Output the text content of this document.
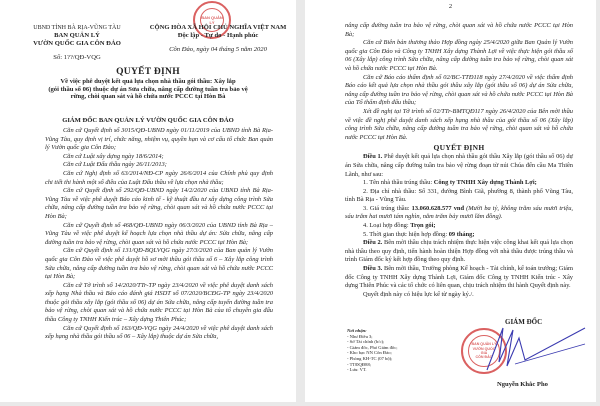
UBND TỈNH BÀ RỊA-VŨNG TÀU
BAN QUẢN LÝ
VƯỜN QUỐC GIA CÔN ĐẢO
Số: 1??/QĐ-VQG
BAN QUẢN LÝ
CỘNG HÒA XÃ HỘI CHỦ NGHĨA VIỆT NAM
Độc lập - Tự do - Hạnh phúc
Côn Đảo, ngày 04 tháng 5 năm 2020
QUYẾT ĐỊNH
Về việc phê duyệt kết quả lựa chọn nhà thầu gói thầu: Xây lắp
(gói thầu số 06) thuộc dự án Sửa chữa, nâng cấp đường tuần tra bảo vệ
rừng, chòi quan sát và hồ chứa nước PCCC tại Hòn Bà
GIÁM ĐỐC BAN QUẢN LÝ VƯỜN QUỐC GIA CÔN ĐẢO
Căn cứ Quyết định số 3015/QĐ-UBND ngày 01/11/2019 của UBND tỉnh Bà Rịa- Vũng Tàu, quy định vị trí, chức năng, nhiệm vụ, quyền hạn và cơ cấu tổ chức Ban quản lý Vườn quốc gia Côn Đảo;
Căn cứ Luật xây dựng ngày 18/6/2014;
Căn cứ Luật Đấu thầu ngày 26/11/2013;
Căn cứ Nghị định số 63/2014/NĐ-CP ngày 26/6/2014 của Chính phủ quy định chi tiết thi hành một số điều của Luật Đấu thầu về lựa chọn nhà thầu;
Căn cứ Quyết định số 292/QĐ-UBND ngày 14/2/2020 của UBND tỉnh Bà Rịa-Vũng Tàu về việc phê duyệt Báo cáo kinh tế - kỹ thuật đầu tư xây dựng công trình Sửa chữa, nâng cấp đường tuần tra bảo vệ rừng, chòi quan sát và hồ chứa nước PCCC tại Hòn Bà;
Căn cứ Quyết định số 468/QĐ-UBND ngày 06/3/2020 của UBND tỉnh Bà Rịa – Vũng Tàu về việc phê duyệt kế hoạch lựa chọn nhà thầu dự án: Sửa chữa, nâng cấp đường tuần tra bảo vệ rừng, chòi quan sát và hồ chứa nước PCCC tại Hòn Bà;
Căn cứ Quyết định số 131/QĐ-BQLVQG ngày 27/3/2020 của Ban quản lý Vườn quốc gia Côn Đảo về việc phê duyệt hồ sơ mời thầu gói thầu số 6 – Xây lắp công trình Sửa chữa, nâng cấp đường tuần tra bảo vệ rừng, chòi quan sát và hồ chứa nước PCCC tại Hòn Bà;
Căn cứ Tờ trình số 14/2020/TTr-TP ngày 23/4/2020 về việc phê duyệt danh sách xếp hạng Nhà thầu và Báo cáo đánh giá HSDT số 07/2020/BCĐG-TP ngày 23/4/2020 thuộc gói thầu xây lắp (gói thầu số 06) dự án Sửa chữa, nâng cấp tuyến đường tuần tra bảo vệ rừng, chòi quan sát và hồ chứa nước PCCC tại Hòn Bà của tổ chuyên gia đấu thầu Công ty TNHH Kiến trúc – Xây dựng Thiên Phúc;
Căn cứ Quyết định số 163/QĐ-VQG ngày 24/4/2020 về việc phê duyệt danh sách xếp hạng nhà thầu gói thầu số 06 – Xây lắp) thuộc dự án Sửa chữa,
2
nâng cấp đường tuần tra bảo vệ rừng, chòi quan sát và hồ chứa nước PCCC tại Hòn Bà;
Căn cứ Biên bản thương thảo Hợp đồng ngày 25/4/2020 giữa Ban Quản lý Vườn quốc gia Côn Đảo và Công ty TNHH Xây dựng Thành Lợi về việc thực hiện gói thầu số 06 (Xây lắp) công trình Sửa chữa, nâng cấp đường tuần tra bảo vệ rừng, chòi quan sát và hồ chứa nước PCCC tại Hòn Bà.
Căn cứ Báo cáo thẩm định số 02/BC-TTĐ118 ngày 27/4/2020 về việc thẩm định Báo cáo kết quả lựa chọn nhà thầu gói thầu xây lắp (gói thầu số 06) dự án Sửa chữa, nâng cấp đường tuần tra bảo vệ rừng, chòi quan sát và hồ chứa nước PCCC tại Hòn Bà của Tổ thẩm định đấu thầu;
Xét đề nghị tại Tờ trình số 02/TTr-BMTQĐ117 ngày 26/4/2020 của Bên mời thầu về việc đề nghị phê duyệt danh sách xếp hạng nhà thầu của gói thầu số 06 (Xây lắp) công trình Sửa chữa, nâng cấp đường tuần tra bảo vệ rừng, chòi quan sát và hồ chứa nước PCCC tại Hòn Bà.
QUYẾT ĐỊNH
Điều 1. Phê duyệt kết quả lựa chọn nhà thầu gói thầu Xây lắp (gói thầu số 06) dự án Sửa chữa, nâng cấp đường tuần tra bảo vệ rừng đoạn từ núi Chúa đến cầu Ma Thiên Lãnh, như sau:
1. Tên nhà thầu trúng thầu: Công ty TNHH Xây dựng Thành Lợi;
2. Địa chỉ nhà thầu: Số 331, đường Bình Giã, phường 8, thành phố Vũng Tàu, tỉnh Bà Rịa - Vũng Tàu.
3. Giá trúng thầu: 13.060.628.577 vnđ (Mười ba tỷ, không trăm sáu mươi triệu, sáu trăm hai mươi tám nghìn, năm trăm bảy mươi lăm đồng).
4. Loại hợp đồng: Trọn gói;
5. Thời gian thực hiện hợp đồng: 09 tháng;
Điều 2. Bên mời thầu chịu trách nhiệm thực hiện việc công khai kết quả lựa chọn nhà thầu theo quy định, tiến hành hoàn thiện Hợp đồng với nhà thầu được trúng thầu và trình Giám đốc ký kết hợp đồng theo quy định.
Điều 3. Bên mời thầu, Trưởng phòng Kế hoạch - Tài chính, kế toán trưởng; Giám đốc Công ty TNHH Xây dựng Thành Lợi, Giám đốc Công ty TNHH Kiến trúc - Xây dựng Thiên Phúc và các tổ chức có liên quan, chịu trách nhiệm thi hành Quyết định này.
Quyết định này có hiệu lực kể từ ngày ký./.
Nơi nhận:
- Như Điều 3;
- Sở Tài chính (b/c);
- Giám đốc, Phó Giám đốc;
- Kho bạc NN Côn Đảo;
- Phòng KH-TC (07 bộ);
- TTĐQĐ88;
- Lưu: VT.
GIÁM ĐỐC
BAN QUẢN LÝ
VƯỜN QUỐC GIA
CÔN ĐẢO
Nguyễn Khắc Pho
